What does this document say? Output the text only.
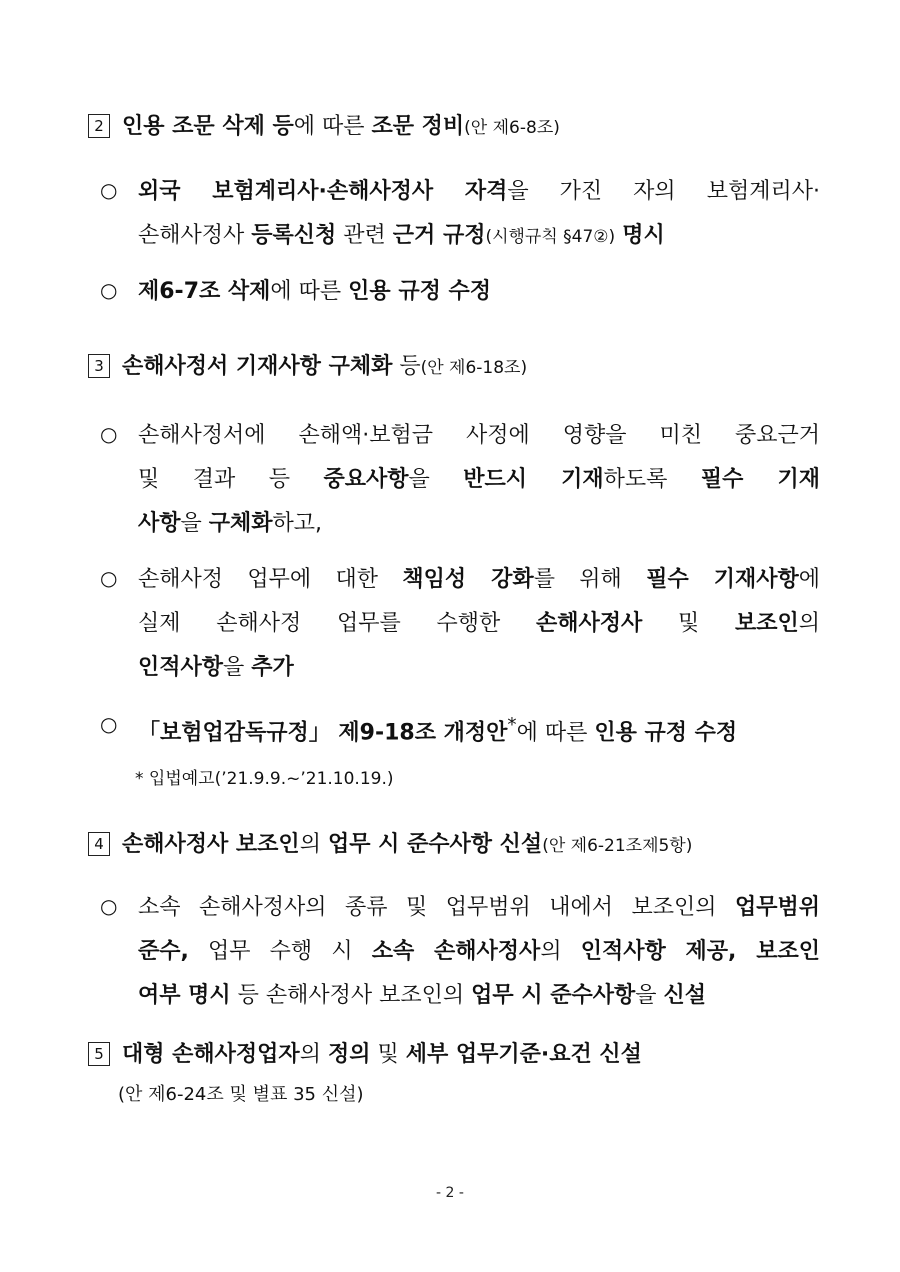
2 인용 조문 삭제 등에 따른 조문 정비(안 제6-8조)
○ 외국 보험계리사·손해사정사 자격을 가진 자의 보험계리사·
손해사정사 등록신청 관련 근거 규정(시행규칙 §47②) 명시
○ 제6-7조 삭제에 따른 인용 규정 수정
3 손해사정서 기재사항 구체화 등(안 제6-18조)
○ 손해사정서에 손해액·보험금 사정에 영향을 미친 중요근거
및 결과 등 중요사항을 반드시 기재하도록 필수 기재
사항을 구체화하고,
○ 손해사정 업무에 대한 책임성 강화를 위해 필수 기재사항에
실제 손해사정 업무를 수행한 손해사정사 및 보조인의
인적사항을 추가
○ 「보험업감독규정」 제9-18조 개정안*에 따른 인용 규정 수정
* 입법예고(’21.9.9.~’21.10.19.)
4 손해사정사 보조인의 업무 시 준수사항 신설(안 제6-21조제5항)
○ 소속 손해사정사의 종류 및 업무범위 내에서 보조인의 업무범위
준수, 업무 수행 시 소속 손해사정사의 인적사항 제공, 보조인
여부 명시 등 손해사정사 보조인의 업무 시 준수사항을 신설
5 대형 손해사정업자의 정의 및 세부 업무기준·요건 신설
(안 제6-24조 및 별표 35 신설)
- 2 -
